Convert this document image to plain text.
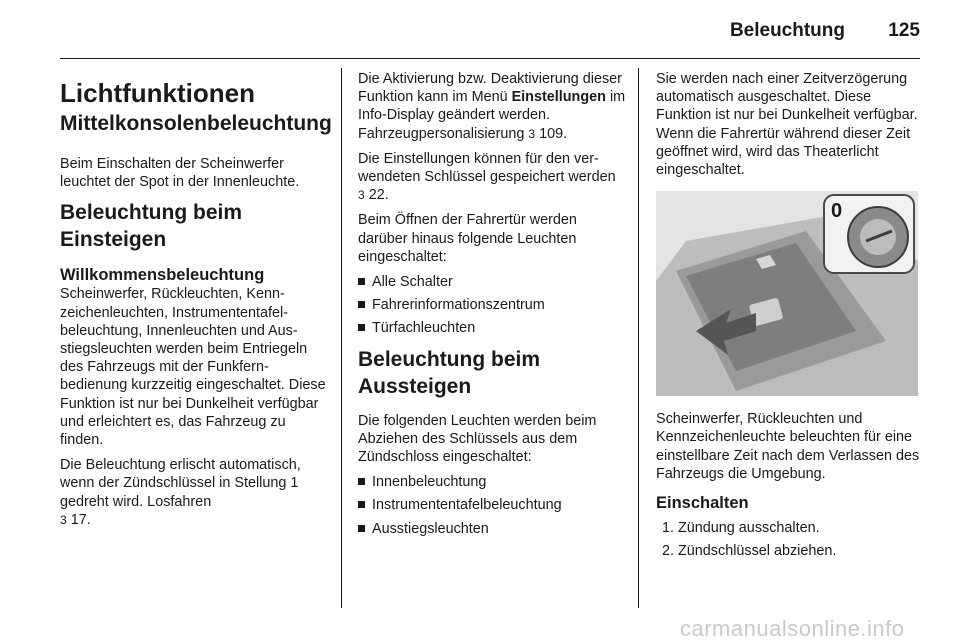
Beleuchtung	125
Lichtfunktionen
Mittelkonsolenbeleuchtung

Beim Einschalten der Scheinwerfer leuchtet der Spot in der Innenleuchte.

Beleuchtung beim Einsteigen
Willkommensbeleuchtung

Scheinwerfer, Rückleuchten, Kennzeichenleuchten, Instrumententafelbeleuchtung, Innenleuchten und Ausstiegsleuchten werden beim Entriegeln des Fahrzeugs mit der Funkfernbedienung kurzzeitig eingeschaltet. Diese Funktion ist nur bei Dunkelheit verfügbar und erleichtert es, das Fahrzeug zu finden.

Die Beleuchtung erlischt automatisch, wenn der Zündschlüssel in Stellung 1 gedreht wird. Losfahren
3 17.

Die Aktivierung bzw. Deaktivierung dieser Funktion kann im Menü Einstellungen im Info-Display geändert werden. Fahrzeugpersonalisierung 3 109.

Die Einstellungen können für den verwendeten Schlüssel gespeichert werden 3 22.

Beim Öffnen der Fahrertür werden darüber hinaus folgende Leuchten eingeschaltet:

Alle Schalter
Fahrerinformationszentrum
Türfachleuchten
Beleuchtung beim Aussteigen

Die folgenden Leuchten werden beim Abziehen des Schlüssels aus dem Zündschloss eingeschaltet:

Innenbeleuchtung
Instrumententafelbeleuchtung
Ausstiegsleuchten

Sie werden nach einer Zeitverzögerung automatisch ausgeschaltet. Diese Funktion ist nur bei Dunkelheit verfügbar. Wenn die Fahrertür während dieser Zeit geöffnet wird, wird das Theaterlicht eingeschaltet.

0

Scheinwerfer, Rückleuchten und Kennzeichenleuchte beleuchten für eine einstellbare Zeit nach dem Verlassen des Fahrzeugs die Umgebung.

Einschalten
1. Zündung ausschalten.
2. Zündschlüssel abziehen.
carmanualsonline.info
